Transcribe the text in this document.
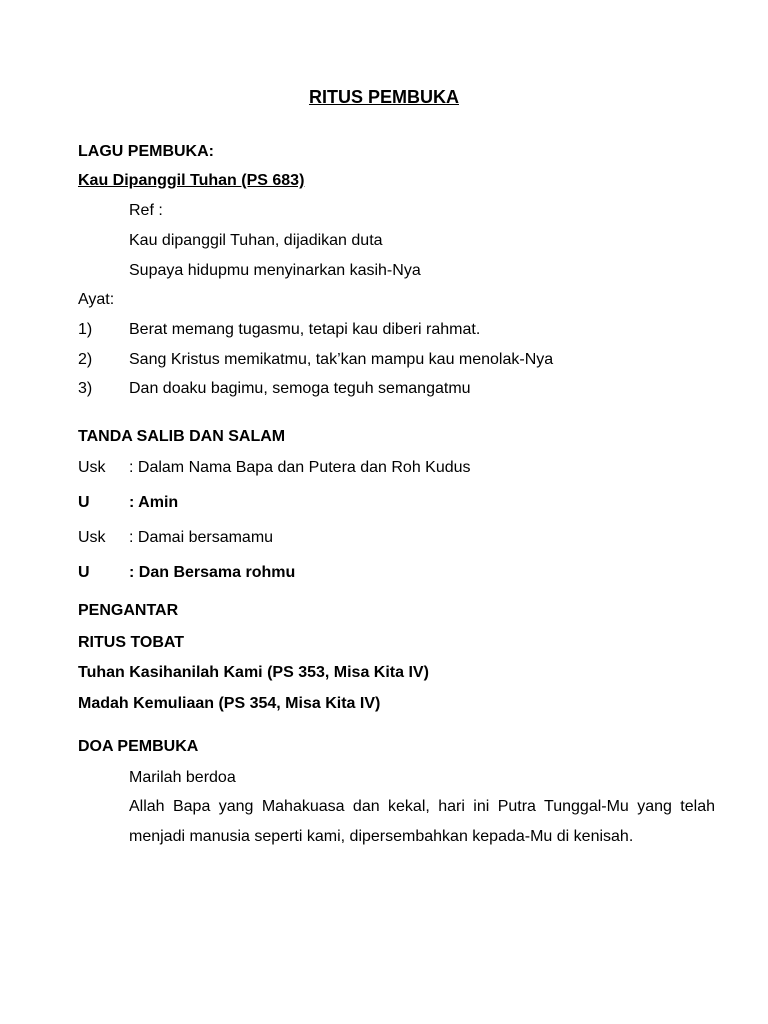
RITUS PEMBUKA
LAGU PEMBUKA:
Kau Dipanggil Tuhan (PS 683)
Ref :
Kau dipanggil Tuhan, dijadikan duta
Supaya hidupmu menyinarkan kasih-Nya
Ayat:
1) Berat memang tugasmu, tetapi kau diberi rahmat.
2) Sang Kristus memikatmu, tak’kan mampu kau menolak-Nya
3) Dan doaku bagimu, semoga teguh semangatmu
TANDA SALIB DAN SALAM
Usk : Dalam Nama Bapa dan Putera dan Roh Kudus
U : Amin
Usk : Damai bersamamu
U : Dan Bersama rohmu
PENGANTAR
RITUS TOBAT
Tuhan Kasihanilah Kami (PS 353, Misa Kita IV)
Madah Kemuliaan (PS 354, Misa Kita IV)
DOA PEMBUKA
Marilah berdoa
Allah Bapa yang Mahakuasa dan kekal, hari ini Putra Tunggal-Mu yang telah menjadi manusia seperti kami, dipersembahkan kepada-Mu di kenisah.
